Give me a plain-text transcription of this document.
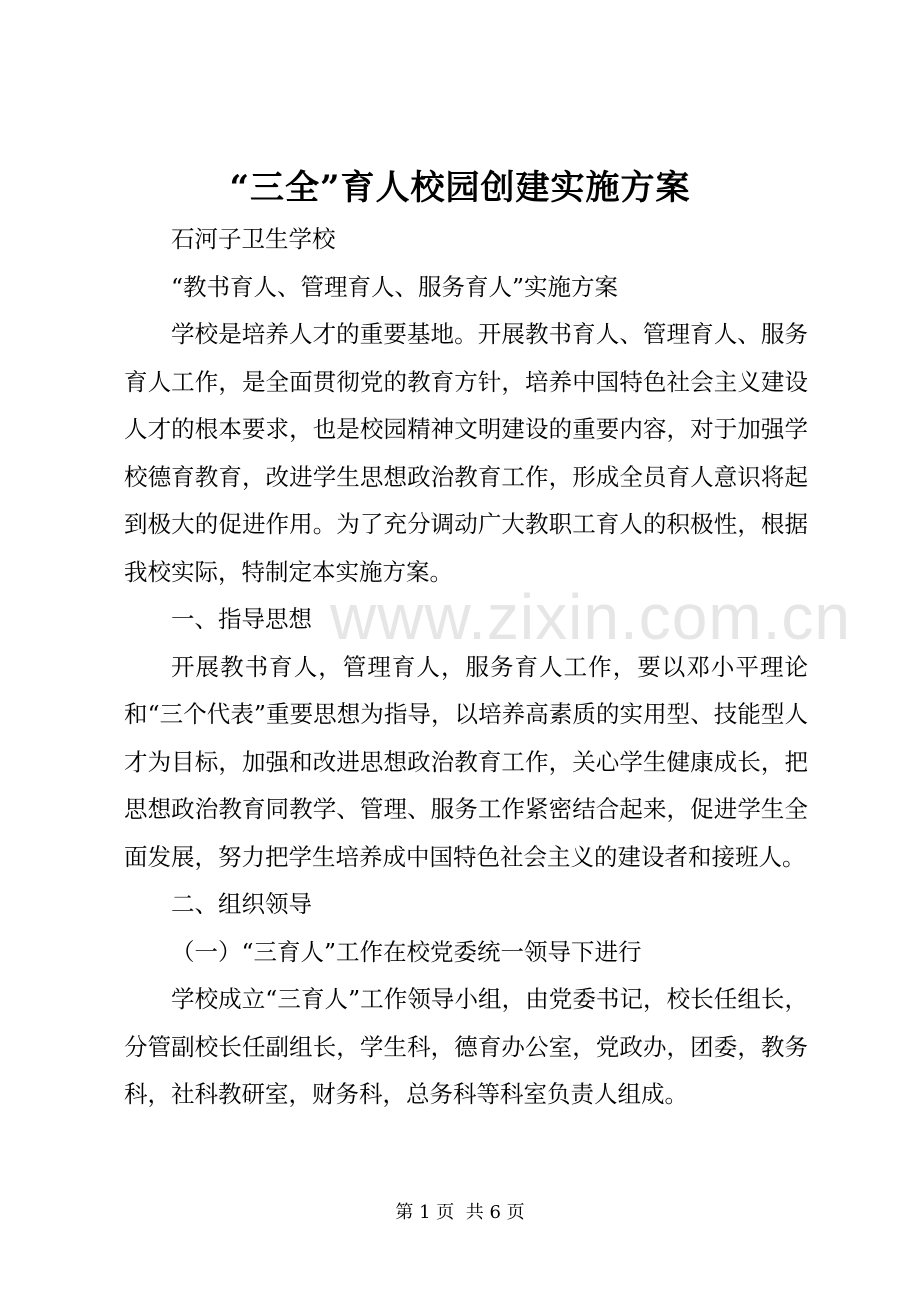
www.zixin.com.cn
“三全”育人校园创建实施方案

石河子卫生学校

“教书育人、管理育人、服务育人”实施方案

学校是培养人才的重要基地。开展教书育人、管理育人、服务育人工作，是全面贯彻党的教育方针，培养中国特色社会主义建设人才的根本要求，也是校园精神文明建设的重要内容，对于加强学校德育教育，改进学生思想政治教育工作，形成全员育人意识将起到极大的促进作用。为了充分调动广大教职工育人的积极性，根据我校实际，特制定本实施方案。

一、指导思想

开展教书育人，管理育人，服务育人工作，要以邓小平理论和“三个代表”重要思想为指导，以培养高素质的实用型、技能型人才为目标，加强和改进思想政治教育工作，关心学生健康成长，把思想政治教育同教学、管理、服务工作紧密结合起来，促进学生全面发展，努力把学生培养成中国特色社会主义的建设者和接班人。

二、组织领导

（一）“三育人”工作在校党委统一领导下进行

学校成立“三育人”工作领导小组，由党委书记，校长任组长，分管副校长任副组长，学生科，德育办公室，党政办，团委，教务科，社科教研室，财务科，总务科等科室负责人组成。

第 1 页 共 6 页
